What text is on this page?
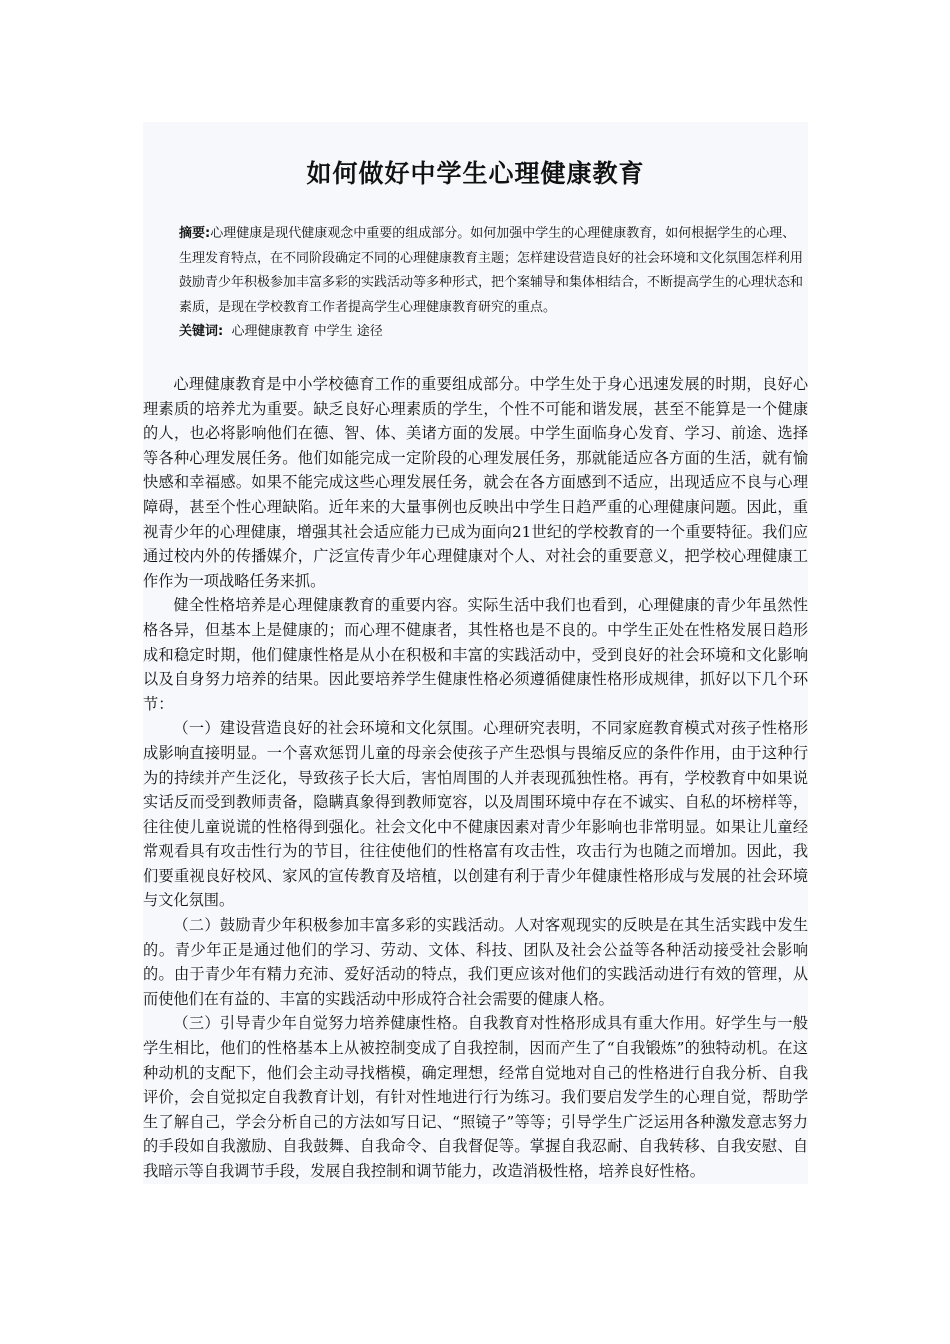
如何做好中学生心理健康教育

摘要:心理健康是现代健康观念中重要的组成部分。如何加强中学生的心理健康教育，如何根据学生的心理、生理发育特点，在不同阶段确定不同的心理健康教育主题；怎样建设营造良好的社会环境和文化氛围怎样利用鼓励青少年积极参加丰富多彩的实践活动等多种形式，把个案辅导和集体相结合，不断提高学生的心理状态和素质，是现在学校教育工作者提高学生心理健康教育研究的重点。

关键词: 心理健康教育 中学生 途径

心理健康教育是中小学校德育工作的重要组成部分。中学生处于身心迅速发展的时期，良好心理素质的培养尤为重要。缺乏良好心理素质的学生，个性不可能和谐发展，甚至不能算是一个健康的人，也必将影响他们在德、智、体、美诸方面的发展。中学生面临身心发育、学习、前途、选择等各种心理发展任务。他们如能完成一定阶段的心理发展任务，那就能适应各方面的生活，就有愉快感和幸福感。如果不能完成这些心理发展任务，就会在各方面感到不适应，出现适应不良与心理障碍，甚至个性心理缺陷。近年来的大量事例也反映出中学生日趋严重的心理健康问题。因此，重视青少年的心理健康，增强其社会适应能力已成为面向21世纪的学校教育的一个重要特征。我们应通过校内外的传播媒介，广泛宣传青少年心理健康对个人、对社会的重要意义，把学校心理健康工作作为一项战略任务来抓。

健全性格培养是心理健康教育的重要内容。实际生活中我们也看到，心理健康的青少年虽然性格各异，但基本上是健康的；而心理不健康者，其性格也是不良的。中学生正处在性格发展日趋形成和稳定时期，他们健康性格是从小在积极和丰富的实践活动中，受到良好的社会环境和文化影响以及自身努力培养的结果。因此要培养学生健康性格必须遵循健康性格形成规律，抓好以下几个环节：

（一）建设营造良好的社会环境和文化氛围。心理研究表明，不同家庭教育模式对孩子性格形成影响直接明显。一个喜欢惩罚儿童的母亲会使孩子产生恐惧与畏缩反应的条件作用，由于这种行为的持续并产生泛化，导致孩子长大后，害怕周围的人并表现孤独性格。再有，学校教育中如果说实话反而受到教师责备，隐瞒真象得到教师宽容，以及周围环境中存在不诚实、自私的坏榜样等，往往使儿童说谎的性格得到强化。社会文化中不健康因素对青少年影响也非常明显。如果让儿童经常观看具有攻击性行为的节目，往往使他们的性格富有攻击性，攻击行为也随之而增加。因此，我们要重视良好校风、家风的宣传教育及培植，以创建有利于青少年健康性格形成与发展的社会环境与文化氛围。

（二）鼓励青少年积极参加丰富多彩的实践活动。人对客观现实的反映是在其生活实践中发生的。青少年正是通过他们的学习、劳动、文体、科技、团队及社会公益等各种活动接受社会影响的。由于青少年有精力充沛、爱好活动的特点，我们更应该对他们的实践活动进行有效的管理，从而使他们在有益的、丰富的实践活动中形成符合社会需要的健康人格。

（三）引导青少年自觉努力培养健康性格。自我教育对性格形成具有重大作用。好学生与一般学生相比，他们的性格基本上从被控制变成了自我控制，因而产生了“自我锻炼”的独特动机。在这种动机的支配下，他们会主动寻找楷模，确定理想，经常自觉地对自己的性格进行自我分析、自我评价，会自觉拟定自我教育计划，有针对性地进行行为练习。我们要启发学生的心理自觉，帮助学生了解自己，学会分析自己的方法如写日记、“照镜子”等等；引导学生广泛运用各种激发意志努力的手段如自我激励、自我鼓舞、自我命令、自我督促等。掌握自我忍耐、自我转移、自我安慰、自我暗示等自我调节手段，发展自我控制和调节能力，改造消极性格，培养良好性格。
